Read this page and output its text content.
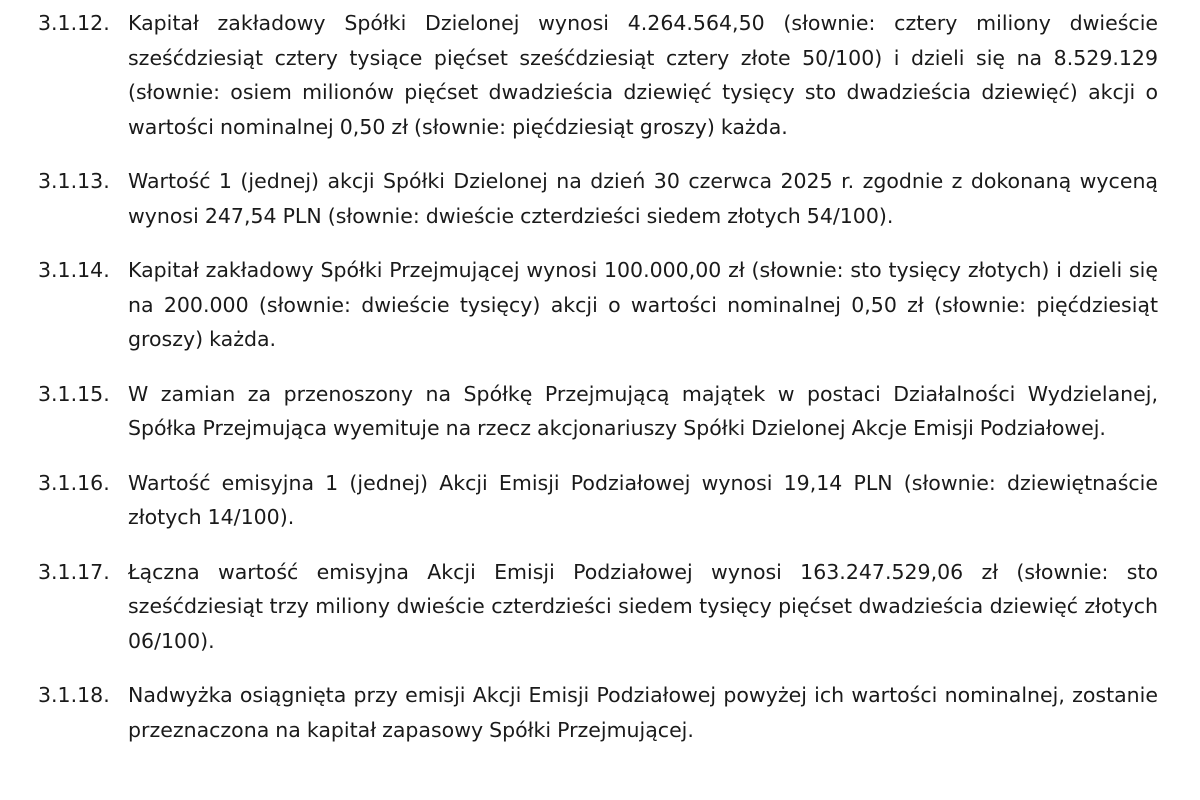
3.1.12. Kapitał zakładowy Spółki Dzielonej wynosi 4.264.564,50 (słownie: cztery miliony dwieście sześćdziesiąt cztery tysiące pięćset sześćdziesiąt cztery złote 50/100) i dzieli się na 8.529.129 (słownie: osiem milionów pięćset dwadzieścia dziewięć tysięcy sto dwadzieścia dziewięć) akcji o wartości nominalnej 0,50 zł (słownie: pięćdziesiąt groszy) każda.
3.1.13. Wartość 1 (jednej) akcji Spółki Dzielonej na dzień 30 czerwca 2025 r. zgodnie z dokonaną wyceną wynosi 247,54 PLN (słownie: dwieście czterdzieści siedem złotych 54/100).
3.1.14. Kapitał zakładowy Spółki Przejmującej wynosi 100.000,00 zł (słownie: sto tysięcy złotych) i dzieli się na 200.000 (słownie: dwieście tysięcy) akcji o wartości nominalnej 0,50 zł (słownie: pięćdziesiąt groszy) każda.
3.1.15. W zamian za przenoszony na Spółkę Przejmującą majątek w postaci Działalności Wydzielanej, Spółka Przejmująca wyemituje na rzecz akcjonariuszy Spółki Dzielonej Akcje Emisji Podziałowej.
3.1.16. Wartość emisyjna 1 (jednej) Akcji Emisji Podziałowej wynosi 19,14 PLN (słownie: dziewiętnaście złotych 14/100).
3.1.17. Łączna wartość emisyjna Akcji Emisji Podziałowej wynosi 163.247.529,06 zł (słownie: sto sześćdziesiąt trzy miliony dwieście czterdzieści siedem tysięcy pięćset dwadzieścia dziewięć złotych 06/100).
3.1.18. Nadwyżka osiągnięta przy emisji Akcji Emisji Podziałowej powyżej ich wartości nominalnej, zostanie przeznaczona na kapitał zapasowy Spółki Przejmującej.
